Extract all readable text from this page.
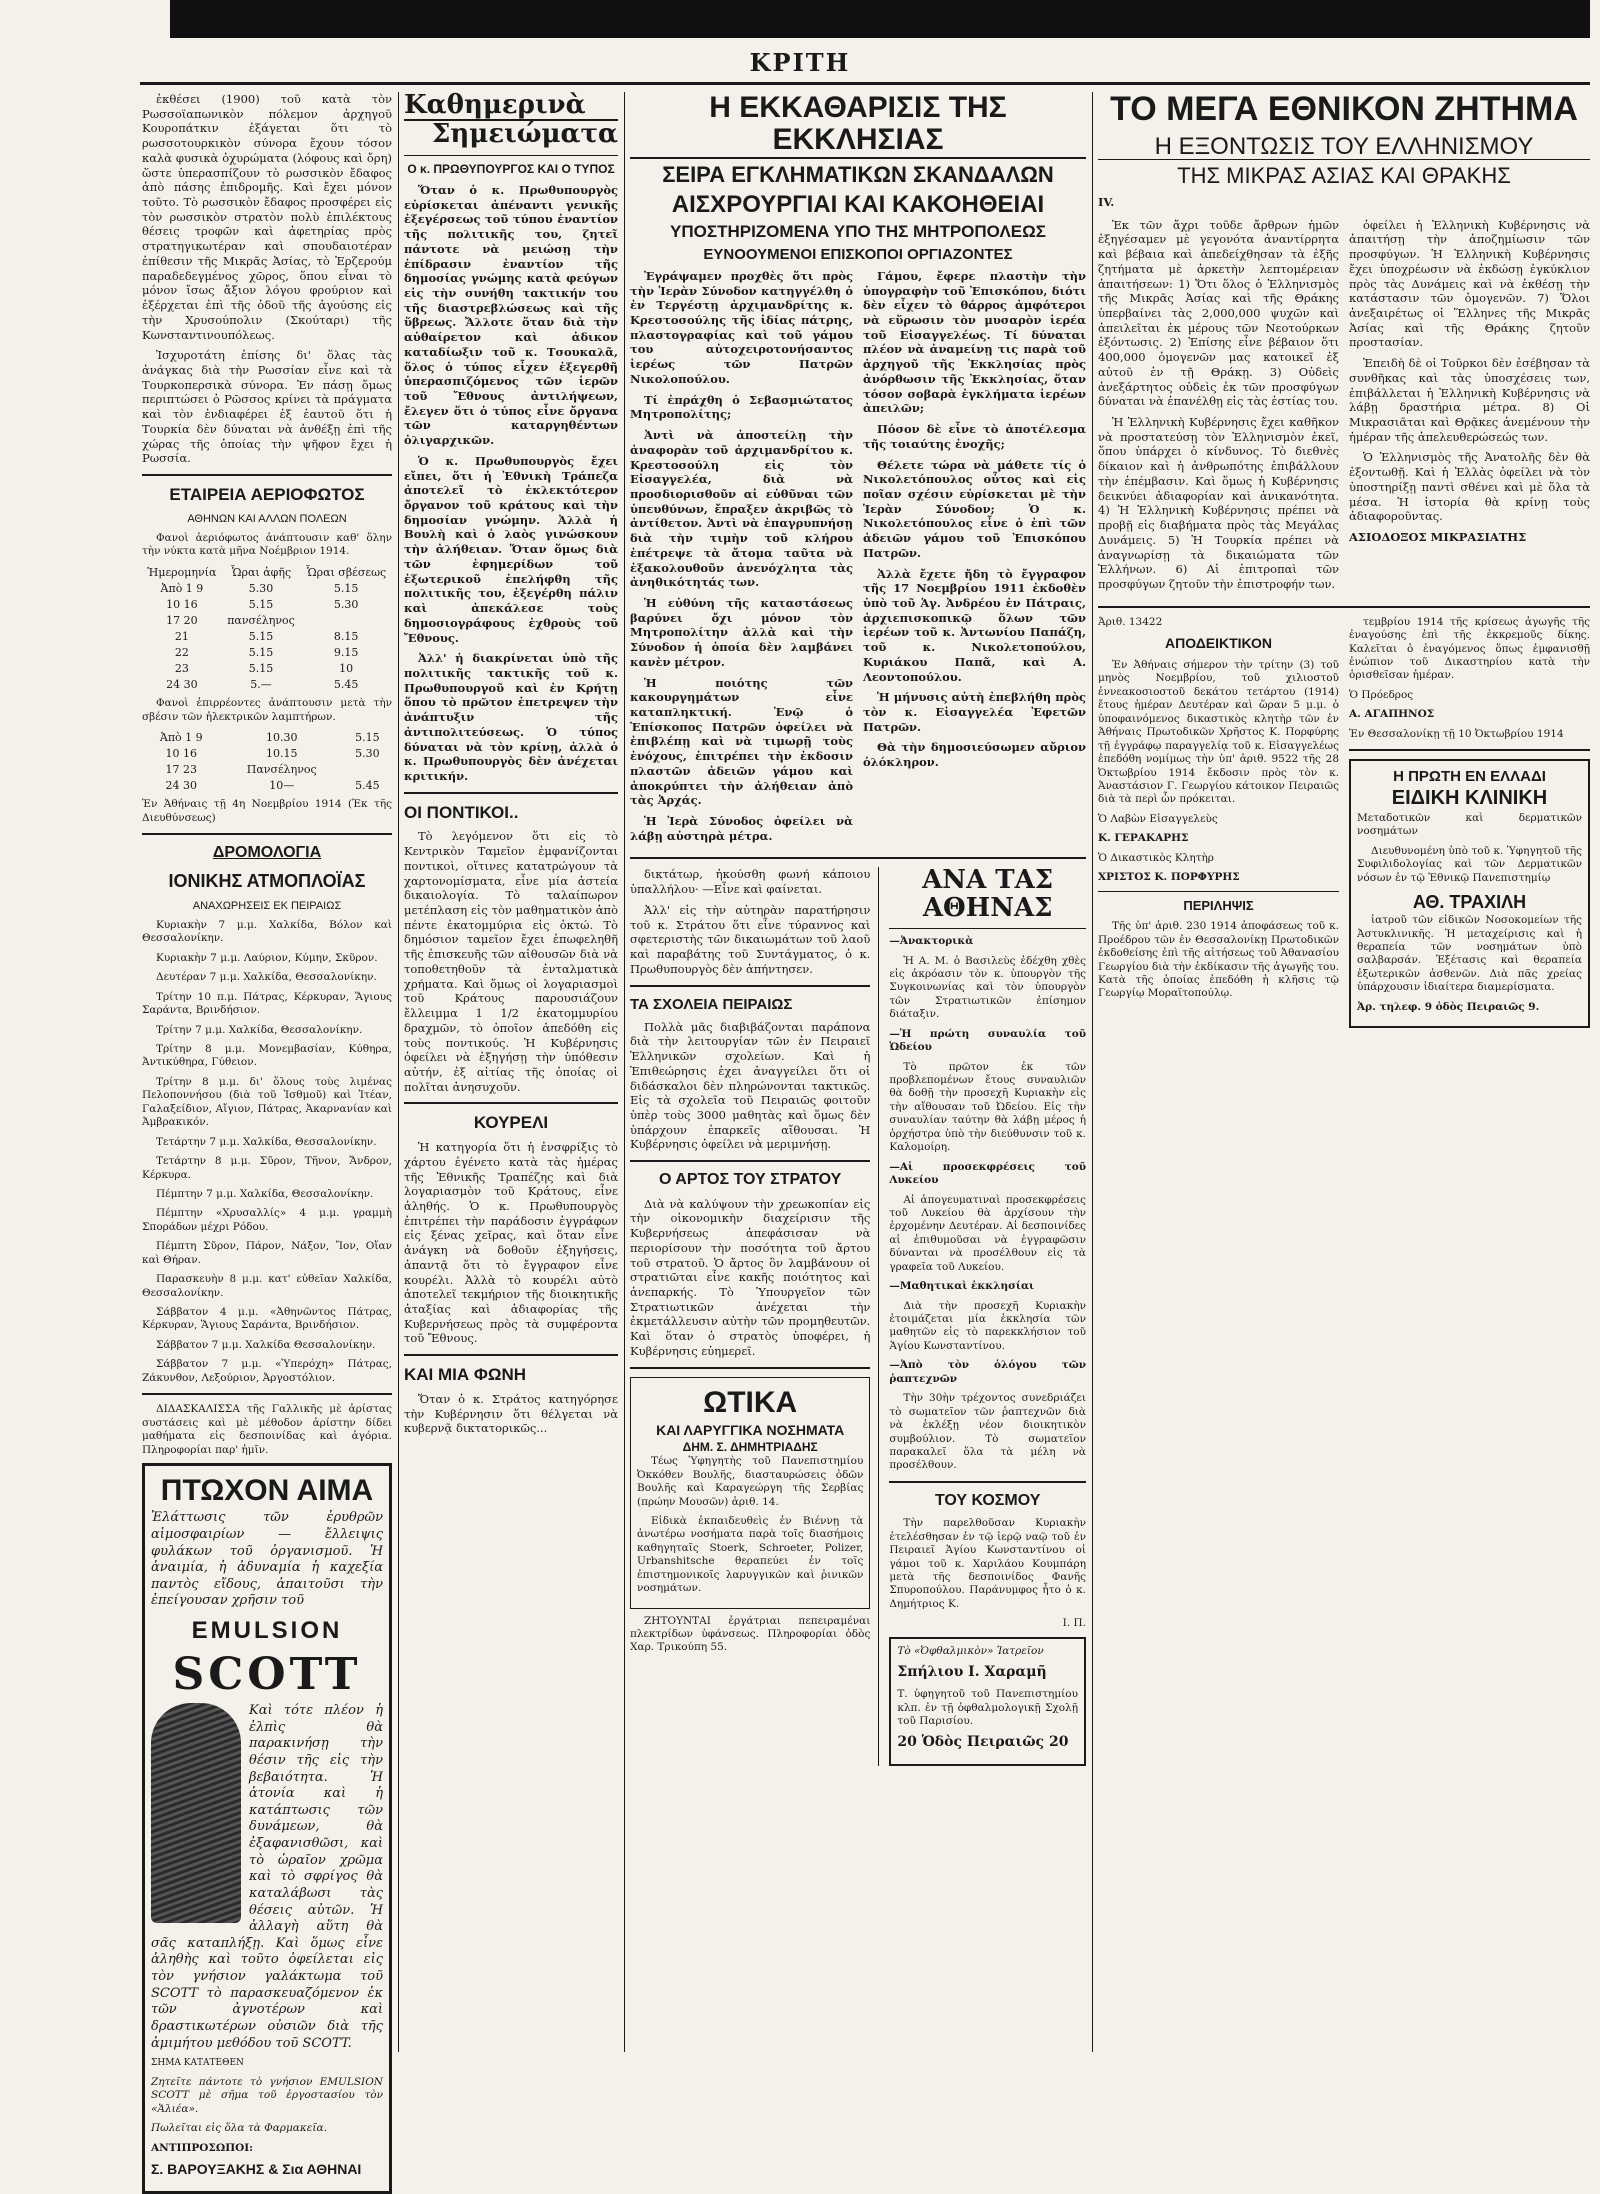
ΚΡΙΤΗ

ἐκθέσει (1900) τοῦ κατὰ τὸν Ρωσσοϊαπωνικὸν πόλεμον ἀρχηγοῦ Κουροπάτκιν ἐξάγεται ὅτι τὸ ρωσσοτουρκικὸν σύνορα ἔχουν τόσον καλὰ φυσικὰ ὀχυρώματα (λόφους καὶ ὄρη) ὥστε ὑπερασπίζουν τὸ ρωσσικὸν ἔδαφος ἀπὸ πάσης ἐπιδρομῆς. Καὶ ἔχει μόνον τοῦτο. Τὸ ρωσσικὸν ἔδαφος προσφέρει εἰς τὸν ρωσσικὸν στρατὸν πολὺ ἐπιλέκτους θέσεις τροφῶν καὶ ἀφετηρίας πρὸς στρατηγικωτέραν καὶ σπουδαιοτέραν ἐπίθεσιν τῆς Μικρᾶς Ἀσίας, τὸ Ἐρζερούμ παραδεδεγμένος χῶρος, ὅπου εἶναι τὸ μόνον ἴσως ἄξιον λόγου φρούριον καὶ ἐξέρχεται ἐπὶ τῆς ὁδοῦ τῆς ἀγούσης εἰς τὴν Χρυσούπολιν (Σκούταρι) τῆς Κωνσταντινουπόλεως.

Ἰσχυροτάτη ἐπίσης δι' ὅλας τὰς ἀνάγκας διὰ τὴν Ρωσσίαν εἶνε καὶ τὰ Τουρκοπερσικὰ σύνορα. Ἐν πάσῃ ὅμως περιπτώσει ὁ Ρῶσσος κρίνει τὰ πράγματα καὶ τὸν ἐνδιαφέρει ἐξ ἑαυτοῦ ὅτι ἡ Τουρκία δὲν δύναται νὰ ἀνθέξῃ ἐπὶ τῆς χώρας τῆς ὁποίας τὴν ψῆφον ἔχει ἡ Ρωσσία.

ΕΤΑΙΡΕΙΑ ΑΕΡΙΟΦΩΤΟΣ
ΑΘΗΝΩΝ ΚΑΙ ΑΛΛΩΝ ΠΟΛΕΩΝ

Φανοὶ ἀεριόφωτος ἀνάπτουσιν καθ' ὅλην τὴν νύκτα κατὰ μῆνα Νοέμβριον 1914.

Ἡμερομηνία	Ὧραι ἀφῆς	Ὧραι σβέσεως
Ἀπὸ 1 9	5.30	5.15
10 16	5.15	5.30
17 20	πανσέληνος	
21	5.15	8.15
22	5.15	9.15
23	5.15	10
24 30	5.—	5.45

Φανοὶ ἐπιρρέοντες ἀνάπτουσιν μετὰ τὴν σβέσιν τῶν ἠλεκτρικῶν λαμπτήρων.

Ἀπὸ 1 9	10.30	5.15
10 16	10.15	5.30
17 23	Πανσέληνος	
24 30	10—	5.45

Ἐν Ἀθήναις τῇ 4η Νοεμβρίου 1914 (Ἐκ τῆς Διευθύνσεως)

ΔΡΟΜΟΛΟΓΙΑ
ΙΟΝΙΚΗΣ ΑΤΜΟΠΛΟΪΑΣ
ΑΝΑΧΩΡΗΣΕΙΣ ΕΚ ΠΕΙΡΑΙΩΣ

Κυριακὴν 7 μ.μ. Χαλκίδα, Βόλον καὶ Θεσσαλονίκην.

Κυριακὴν 7 μ.μ. Λαύριον, Κύμην, Σκῦρον.

Δευτέραν 7 μ.μ. Χαλκίδα, Θεσσαλονίκην.

Τρίτην 10 π.μ. Πάτρας, Κέρκυραν, Ἅγιους Σαράντα, Βρινδήσιον.

Τρίτην 7 μ.μ. Χαλκίδα, Θεσσαλονίκην.

Τρίτην 8 μ.μ. Μονεμβασίαν, Κύθηρα, Ἀντικύθηρα, Γύθειον.

Τρίτην 8 μ.μ. δι' ὅλους τοὺς λιμένας Πελοποννήσου (διὰ τοῦ Ἰσθμοῦ) καὶ Ἰτέαν, Γαλαξείδιον, Αἴγιον, Πάτρας, Ἀκαρνανίαν καὶ Ἀμβρακικόν.

Τετάρτην 7 μ.μ. Χαλκίδα, Θεσσαλονίκην.

Τετάρτην 8 μ.μ. Σῦρον, Τῆνον, Ἄνδρον, Κέρκυρα.

Πέμπτην 7 μ.μ. Χαλκίδα, Θεσσαλονίκην.

Πέμπτην «Χρυσαλλίς» 4 μ.μ. γραμμὴ Σποράδων μέχρι Ρόδου.

Πέμπτη Σῦρον, Πάρον, Νάξον, Ἴον, Οἴαν καὶ Θήραν.

Παρασκευὴν 8 μ.μ. κατ' εὐθεῖαν Χαλκίδα, Θεσσαλονίκην.

Σάββατον 4 μ.μ. «Ἀθηνῶντος Πάτρας, Κέρκυραν, Ἅγιους Σαράντα, Βρινδήσιον.

Σάββατον 7 μ.μ. Χαλκίδα Θεσσαλονίκην.

Σάββατον 7 μ.μ. «Ὑπερόχη» Πάτρας, Ζάκυνθον, Λεξούριον, Ἀργοστόλιον.

ΔΙΔΑΣΚΑΛΙΣΣΑ τῆς Γαλλικῆς μὲ ἀρίστας συστάσεις καὶ μὲ μέθοδον ἀρίστην δίδει μαθήματα εἰς δεσποινίδας καὶ ἀγόρια. Πληροφορίαι παρ' ἡμῖν.

ΠΤΩΧΟΝ ΑΙΜΑ

Ἐλάττωσις τῶν ἐρυθρῶν αἱμοσφαιρίων — ἔλλειψις φυλάκων τοῦ ὀργανισμοῦ. Ἡ ἀναιμία, ἡ ἀδυναμία ἡ καχεξία παντὸς εἴδους, ἀπαιτοῦσι τὴν ἐπείγουσαν χρῆσιν τοῦ

EMULSION
SCOTT

Καὶ τότε πλέον ἡ ἐλπὶς θὰ παρακινήσῃ τὴν θέσιν τῆς εἰς τὴν βεβαιότητα. Ἡ ἀτονία καὶ ἡ κατάπτωσις τῶν δυνάμεων, θὰ ἐξαφανισθῶσι, καὶ τὸ ὡραῖον χρῶμα καὶ τὸ σφρίγος θὰ καταλάβωσι τὰς θέσεις αὐτῶν. Ἡ ἀλλαγὴ αὕτη θὰ σᾶς καταπλήξῃ. Καὶ ὅμως εἶνε ἀληθὴς καὶ τοῦτο ὀφείλεται εἰς τὸν γνήσιον γαλάκτωμα τοῦ SCOTT τὸ παρασκευαζόμενον ἐκ τῶν ἀγνοτέρων καὶ δραστικωτέρων οὐσιῶν διὰ τῆς ἀμιμήτου μεθόδου τοῦ SCOTT.

ΣΗΜΑ ΚΑΤΑΤΕΘΕΝ

Ζητεῖτε πάντοτε τὸ γνήσιον EMULSION SCOTT μὲ σῆμα τοῦ ἐργοστασίου τὸν «Ἁλιέα».

Πωλεῖται εἰς ὅλα τὰ Φαρμακεῖα.

ΑΝΤΙΠΡΟΣΩΠΟΙ:

Σ. ΒΑΡΟΥΞΑΚΗΣ & Σια ΑΘΗΝΑΙ

Καθημερινὰ
Σημειώματα
Ο κ. ΠΡΩΘΥΠΟΥΡΓΟΣ ΚΑΙ Ο ΤΥΠΟΣ

Ὅταν ὁ κ. Πρωθυπουργὸς εὑρίσκεται ἀπέναντι γενικῆς ἐξεγέρσεως τοῦ τύπου ἐναντίον τῆς πολιτικῆς του, ζητεῖ πάντοτε νὰ μειώσῃ τὴν ἐπίδρασιν ἐναντίον τῆς δημοσίας γνώμης κατὰ φεύγων εἰς τὴν συνήθη τακτικήν του τῆς διαστρεβλώσεως καὶ τῆς ὕβρεως. Ἄλλοτε ὅταν διὰ τὴν αὐθαίρετον καὶ ἀδικον καταδίωξιν τοῦ κ. Τσουκαλᾶ, ὅλος ὁ τύπος εἶχεν ἐξεγερθῆ ὑπερασπιζόμενος τῶν ἱερῶν τοῦ Ἔθνους ἀντιλήψεων, ἔλεγεν ὅτι ὁ τύπος εἶνε ὄργανα τῶν καταργηθέντων ὀλιγαρχικῶν.

Ὁ κ. Πρωθυπουργὸς ἔχει εἴπει, ὅτι ἡ Ἐθνικὴ Τράπεζα ἀποτελεῖ τὸ ἐκλεκτότερον ὄργανον τοῦ κράτους καὶ τὴν δημοσίαν γνώμην. Ἀλλὰ ἡ Βουλὴ καὶ ὁ λαὸς γινώσκουν τὴν ἀλήθειαν. Ὅταν ὅμως διὰ τῶν ἐφημερίδων τοῦ ἐξωτερικοῦ ἐπελήφθη τῆς πολιτικῆς του, ἐξεγέρθη πάλιν καὶ ἀπεκάλεσε τοὺς δημοσιογράφους ἐχθροὺς τοῦ Ἔθνους.

Ἀλλ' ἡ διακρίνεται ὑπὸ τῆς πολιτικῆς τακτικῆς τοῦ κ. Πρωθυπουργοῦ καὶ ἐν Κρήτῃ ὅπου τὸ πρῶτον ἐπετρεψεν τὴν ἀνάπτυξιν τῆς ἀντιπολιτεύσεως. Ὁ τύπος δύναται νὰ τὸν κρίνῃ, ἀλλὰ ὁ κ. Πρωθυπουργὸς δὲν ἀνέχεται κριτικήν.

ΟΙ ΠΟΝΤΙΚΟΙ..

Τὸ λεγόμενον ὅτι εἰς τὸ Κεντρικὸν Ταμεῖον ἐμφανίζονται ποντικοὶ, οἵτινες κατατρώγουν τὰ χαρτονομίσματα, εἶνε μία ἀστεία δικαιολογία. Τὸ ταλαίπωρον μετέπλαση εἰς τὸν μαθηματικὸν ἀπὸ πέντε ἑκατομμύρια εἰς ὀκτώ. Τὸ δημόσιον ταμεῖον ἔχει ἐπωφεληθῆ τῆς ἐπισκευῆς τῶν αἰθουσῶν διὰ νὰ τοποθετηθοῦν τὰ ἐνταλματικὰ χρήματα. Καὶ ὅμως οἱ λογαριασμοὶ τοῦ Κράτους παρουσιάζουν ἔλλειμμα 1 1/2 ἑκατομμυρίου δραχμῶν, τὸ ὁποῖον ἀπεδόθη εἰς τοὺς ποντικούς. Ἡ Κυβέρνησις ὀφείλει νὰ ἐξηγήσῃ τὴν ὑπόθεσιν αὐτήν, ἐξ αἰτίας τῆς ὁποίας οἱ πολῖται ἀνησυχοῦν.

ΚΟΥΡΕΛΙ

Ἡ κατηγορία ὅτι ἡ ἐνσφρίξις τὸ χάρτου ἐγένετο κατὰ τὰς ἡμέρας τῆς Ἐθνικῆς Τραπέζης καὶ διὰ λογαριασμὸν τοῦ Κράτους, εἶνε ἀληθής. Ὁ κ. Πρωθυπουργὸς ἐπιτρέπει τὴν παράδοσιν ἐγγράφων εἰς ξένας χεῖρας, καὶ ὅταν εἶνε ἀνάγκη νὰ δοθοῦν ἐξηγήσεις, ἀπαντᾷ ὅτι τὸ ἔγγραφον εἶνε κουρέλι. Ἀλλὰ τὸ κουρέλι αὐτὸ ἀποτελεῖ τεκμήριον τῆς διοικητικῆς ἀταξίας καὶ ἀδιαφορίας τῆς Κυβερνήσεως πρὸς τὰ συμφέροντα τοῦ Ἔθνους.

ΚΑΙ ΜΙΑ ΦΩΝΗ

Ὅταν ὁ κ. Στράτος κατηγόρησε τὴν Κυβέρνησιν ὅτι θέλγεται νὰ κυβερνᾷ δικτατορικῶς...

Η ΕΚΚΑΘΑΡΙΣΙΣ ΤΗΣ ΕΚΚΛΗΣΙΑΣ
ΣΕΙΡΑ ΕΓΚΛΗΜΑΤΙΚΩΝ ΣΚΑΝΔΑΛΩΝ
ΑΙΣΧΡΟΥΡΓΙΑΙ ΚΑΙ ΚΑΚΟΗΘΕΙΑΙ
ΥΠΟΣΤΗΡΙΖΟΜΕΝΑ ΥΠΟ ΤΗΣ ΜΗΤΡΟΠΟΛΕΩΣ
ΕΥΝΟΟΥΜΕΝΟΙ ΕΠΙΣΚΟΠΟΙ ΟΡΓΙΑΖΟΝΤΕΣ

Ἐγράψαμεν προχθὲς ὅτι πρὸς τὴν Ἱερὰν Σύνοδον κατηγγέλθη ὁ ἐν Τεργέστῃ ἀρχιμανδρίτης κ. Κρεστοσούλης τῆς ἰδίας πάτρης, πλαστογραφίας καὶ τοῦ γάμου του αὐτοχειροτονήσαντος ἱερέως τῶν Πατρῶν Νικολοπούλου.

Τί ἐπράχθη ὁ Σεβασμιώτατος Μητροπολίτης;

Ἀντὶ νὰ ἀποστείλῃ τὴν ἀναφορὰν τοῦ ἀρχιμανδρίτου κ. Κρεστοσούλη εἰς τὸν Εἰσαγγελέα, διὰ νὰ προσδιορισθοῦν αἱ εὐθῦναι τῶν ὑπευθύνων, ἔπραξεν ἀκριβῶς τὸ ἀντίθετον. Ἀντὶ νὰ ἐπαγρυπνήσῃ διὰ τὴν τιμὴν τοῦ κλήρου ἐπέτρεψε τὰ ἄτομα ταῦτα νὰ ἐξακολουθοῦν ἀνενόχλητα τὰς ἀνηθικότητάς των.

Ἡ εὐθύνη τῆς καταστάσεως βαρύνει ὄχι μόνον τὸν Μητροπολίτην ἀλλὰ καὶ τὴν Σύνοδον ἡ ὁποία δὲν λαμβάνει κανὲν μέτρον.

Ἡ ποιότης τῶν κακουργημάτων εἶνε καταπληκτική. Ἐνῷ ὁ Ἐπίσκοπος Πατρῶν ὀφείλει νὰ ἐπιβλέπῃ καὶ νὰ τιμωρῇ τοὺς ἐνόχους, ἐπιτρέπει τὴν ἐκδοσιν πλαστῶν ἀδειῶν γάμου καὶ ἀποκρύπτει τὴν ἀλήθειαν ἀπὸ τὰς Ἀρχάς.

Ἡ Ἱερὰ Σύνοδος ὀφείλει νὰ λάβῃ αὐστηρὰ μέτρα.

Γάμου, ἔφερε πλαστὴν τὴν ὑπογραφὴν τοῦ Ἐπισκόπου, διότι δὲν εἶχεν τὸ θάρρος ἀμφότεροι νὰ εὕρωσιν τὸν μυσαρὸν ἱερέα τοῦ Εἰσαγγελέως. Τί δύναται πλέον νὰ ἀναμείνῃ τις παρὰ τοῦ ἀρχηγοῦ τῆς Ἐκκλησίας πρὸς ἀνόρθωσιν τῆς Ἐκκλησίας, ὅταν τόσον σοβαρὰ ἐγκλήματα ἱερέων ἀπειλῶν;

Πόσον δὲ εἶνε τὸ ἀποτέλεσμα τῆς τοιαύτης ἐνοχῆς;

Θέλετε τώρα νὰ μάθετε τίς ὁ Νικολετόπουλος οὗτος καὶ εἰς ποῖαν σχέσιν εὑρίσκεται μὲ τὴν Ἱερὰν Σύνοδον; Ὁ κ. Νικολετόπουλος εἶνε ὁ ἐπὶ τῶν ἀδειῶν γάμου τοῦ Ἐπισκόπου Πατρῶν.

Ἀλλὰ ἔχετε ἤδη τὸ ἔγγραφον τῆς 17 Νοεμβρίου 1911 ἐκδοθὲν ὑπὸ τοῦ Ἁγ. Ἀνδρέου ἐν Πάτραις, ἀρχιεπισκοπικῷ ὅλων τῶν ἱερέων τοῦ κ. Ἀντωνίου Παπάζη, τοῦ κ. Νικολετοπούλου, Κυριάκου Παπᾶ, καὶ Α. Λεοντοπούλου.

Ἡ μήνυσις αὐτὴ ἐπεβλήθη πρὸς τὸν κ. Εἰσαγγελέα Ἐφετῶν Πατρῶν.

Θὰ τὴν δημοσιεύσωμεν αὔριον ὁλόκληρον.

δικτάτωρ, ἠκούσθη φωνή κάποιου ὑπαλλήλου· —Εἶνε καὶ φαίνεται.

Ἀλλ' εἰς τὴν αὐτηρὰν παρατήρησιν τοῦ κ. Στράτου ὅτι εἶνε τύραννος καὶ σφετεριστὴς τῶν δικαιωμάτων τοῦ λαοῦ καὶ παραβάτης τοῦ Συντάγματος, ὁ κ. Πρωθυπουργὸς δὲν ἀπήντησεν.

ΤΑ ΣΧΟΛΕΙΑ ΠΕΙΡΑΙΩΣ

Πολλὰ μᾶς διαβιβάζονται παράπονα διὰ τὴν λειτουργίαν τῶν ἐν Πειραιεῖ Ἑλληνικῶν σχολείων. Καὶ ἡ Ἐπιθεώρησις ἐχει ἀναγγείλει ὅτι οἱ διδάσκαλοι δὲν πληρώνονται τακτικῶς. Εἰς τὰ σχολεῖα τοῦ Πειραιῶς φοιτοῦν ὑπὲρ τοὺς 3000 μαθητὰς καὶ ὅμως δὲν ὑπάρχουν ἐπαρκεῖς αἴθουσαι. Ἡ Κυβέρνησις ὀφείλει νὰ μεριμνήσῃ.

Ο ΑΡΤΟΣ ΤΟΥ ΣΤΡΑΤΟΥ

Διὰ νὰ καλύψουν τὴν χρεωκοπίαν εἰς τὴν οἰκονομικὴν διαχείρισιν τῆς Κυβερνήσεως ἀπεφάσισαν νὰ περιορίσουν τὴν ποσότητα τοῦ ἄρτου τοῦ στρατοῦ. Ὁ ἄρτος ὃν λαμβάνουν οἱ στρατιῶται εἶνε κακῆς ποιότητος καὶ ἀνεπαρκής. Τὸ Ὑπουργεῖον τῶν Στρατιωτικῶν ἀνέχεται τὴν ἐκμετάλλευσιν αὐτὴν τῶν προμηθευτῶν. Καὶ ὅταν ὁ στρατὸς ὑποφέρει, ἡ Κυβέρνησις εὐημερεῖ.

ΩΤΙΚΑ
ΚΑΙ ΛΑΡΥΓΓΙΚΑ ΝΟΣΗΜΑΤΑ
ΔΗΜ. Σ. ΔΗΜΗΤΡΙΑΔΗΣ

Τέως Ὑφηγητὴς τοῦ Πανεπιστημίου Ὀκκόθεν Βουλῆς, διασταυρώσεις ὁδῶν Βουλῆς καὶ Καραγεώργη τῆς Σερβίας (πρώην Μουσῶν) ἀριθ. 14.

Εἰδικὰ ἐκπαιδευθεὶς ἐν Βιέννῃ τὰ ἀνωτέρω νοσήματα παρὰ τοῖς διασήμοις καθηγηταῖς Stoerk, Schroeter, Polizer, Urbanshitsche θεραπεύει ἐν τοῖς ἐπιστημονικοῖς λαρυγγικῶν καὶ ῥινικῶν νοσημάτων.

ΖΗΤΟΥΝΤΑΙ ἐργάτριαι πεπειραμέναι πλεκτρίδων ὑφάνσεως. Πληροφορίαι ὁδὸς Χαρ. Τρικούπη 55.

ΑΝΑ ΤΑΣ ΑΘΗΝΑΣ

—Ἀνακτορικὰ

Ἡ Α. Μ. ὁ Βασιλεὺς ἐδέχθη χθὲς εἰς ἀκρόασιν τὸν κ. ὑπουργὸν τῆς Συγκοινωνίας καὶ τὸν ὑπουργὸν τῶν Στρατιωτικῶν ἐπίσημον διάταξιν.

—Ἡ πρώτη συναυλία τοῦ Ὠδείου

Τὸ πρῶτον ἐκ τῶν προβλεπομένων ἔτους συναυλιῶν θὰ δοθῇ τὴν προσεχῆ Κυριακὴν εἰς τὴν αἴθουσαν τοῦ Ὠδείου. Εἰς τὴν συναυλίαν ταύτην θὰ λάβῃ μέρος ἡ ὀρχήστρα ὑπὸ τὴν διεύθυνσιν τοῦ κ. Καλομοίρη.

—Αἱ προσεκφρέσεις τοῦ Λυκείου

Αἱ ἀπογευματιναὶ προσεκφρέσεις τοῦ Λυκείου θὰ ἀρχίσουν τὴν ἐρχομένην Δευτέραν. Αἱ δεσποινίδες αἱ ἐπιθυμοῦσαι νὰ ἐγγραφῶσιν δύνανται νὰ προσέλθουν εἰς τὰ γραφεῖα τοῦ Λυκείου.

—Μαθητικαὶ ἐκκλησίαι

Διὰ τὴν προσεχῆ Κυριακὴν ἐτοιμάζεται μία ἐκκλησία τῶν μαθητῶν εἰς τὸ παρεκκλήσιον τοῦ Ἁγίου Κωνσταντίνου.

—Ἀπὸ τὸν ὁλόγου τῶν ῥαπτεχνῶν

Τὴν 30ὴν τρέχοντος συνεδριάζει τὸ σωματεῖον τῶν ῥαπτεχνῶν διὰ νὰ ἐκλέξῃ νέον διοικητικὸν συμβούλιον. Τὸ σωματεῖον παρακαλεῖ ὅλα τὰ μέλη νὰ προσέλθουν.

ΤΟΥ ΚΟΣΜΟΥ

Τὴν παρελθοῦσαν Κυριακὴν ἐτελέσθησαν ἐν τῷ ἱερῷ ναῷ τοῦ ἐν Πειραιεῖ Ἁγίου Κωνσταντίνου οἱ γάμοι τοῦ κ. Χαριλάου Κουμπάρη μετὰ τῆς δεσποινίδος Φανῆς Σπυροπούλου. Παράνυμφος ἦτο ὁ κ. Δημήτριος Κ.

Ι. Π.

Τὸ «Ὀφθαλμικὸν» Ἰατρεῖον

Σπήλιου Ι. Χαραμῆ

Τ. ὑφηγητοῦ τοῦ Πανεπιστημίου κλπ. ἐν τῇ ὀφθαλμολογικῇ Σχολῇ τοῦ Παρισίου.

20 Ὁδὸς Πειραιῶς 20

ΤΟ ΜΕΓΑ ΕΘΝΙΚΟΝ ΖΗΤΗΜΑ
Η ΕΞΟΝΤΩΣΙΣ ΤΟΥ ΕΛΛΗΝΙΣΜΟΥ
ΤΗΣ ΜΙΚΡΑΣ ΑΣΙΑΣ ΚΑΙ ΘΡΑΚΗΣ

IV.

Ἐκ τῶν ἄχρι τοῦδε ἄρθρων ἡμῶν ἐξηγέσαμεν μὲ γεγονότα ἀναντίρρητα καὶ βέβαια καὶ ἀπεδείχθησαν τὰ ἑξῆς ζητήματα μὲ ἀρκετὴν λεπτομέρειαν ἀπαιτήσεων: 1) Ὅτι ὅλος ὁ Ἑλληνισμὸς τῆς Μικρᾶς Ἀσίας καὶ τῆς Θράκης ὑπερβαίνει τὰς 2,000,000 ψυχῶν καὶ ἀπειλεῖται ἐκ μέρους τῶν Νεοτούρκων ἐξόντωσις. 2) Ἐπίσης εἶνε βέβαιον ὅτι 400,000 ὁμογενῶν μας κατοικεῖ ἐξ αὐτοῦ ἐν τῇ Θράκῃ. 3) Οὐδεὶς ἀνεξάρτητος οὐδεὶς ἐκ τῶν προσφύγων δύναται νὰ ἐπανέλθῃ εἰς τὰς ἑστίας του.

Ἡ Ἑλληνικὴ Κυβέρνησις ἔχει καθῆκον νὰ προστατεύσῃ τὸν Ἑλληνισμὸν ἐκεῖ, ὅπου ὑπάρχει ὁ κίνδυνος. Τὸ διεθνὲς δίκαιον καὶ ἡ ἀνθρωπότης ἐπιβάλλουν τὴν ἐπέμβασιν. Καὶ ὅμως ἡ Κυβέρνησις δεικνύει ἀδιαφορίαν καὶ ἀνικανότητα. 4) Ἡ Ἑλληνικὴ Κυβέρνησις πρέπει νὰ προβῇ εἰς διαβήματα πρὸς τὰς Μεγάλας Δυνάμεις. 5) Ἡ Τουρκία πρέπει νὰ ἀναγνωρίσῃ τὰ δικαιώματα τῶν Ἑλλήνων. 6) Αἱ ἐπιτροπαὶ τῶν προσφύγων ζητοῦν τὴν ἐπιστροφήν των.

ὀφείλει ἡ Ἑλληνικὴ Κυβέρνησις νὰ ἀπαιτήσῃ τὴν ἀποζημίωσιν τῶν προσφύγων. Ἡ Ἑλληνικὴ Κυβέρνησις ἔχει ὑποχρέωσιν νὰ ἐκδώσῃ ἐγκύκλιον πρὸς τὰς Δυνάμεις καὶ νὰ ἐκθέσῃ τὴν κατάστασιν τῶν ὁμογενῶν. 7) Ὅλοι ἀνεξαιρέτως οἱ Ἕλληνες τῆς Μικρᾶς Ἀσίας καὶ τῆς Θράκης ζητοῦν προστασίαν.

Ἐπειδὴ δὲ οἱ Τοῦρκοι δὲν ἐσέβησαν τὰ συνθῆκας καὶ τὰς ὑποσχέσεις των, ἐπιβάλλεται ἡ Ἑλληνικὴ Κυβέρνησις νὰ λάβῃ δραστήρια μέτρα. 8) Οἱ Μικρασιᾶται καὶ Θρᾷκες ἀνεμένουν τὴν ἡμέραν τῆς ἀπελευθερώσεώς των.

Ὁ Ἑλληνισμὸς τῆς Ἀνατολῆς δὲν θὰ ἐξοντωθῇ. Καὶ ἡ Ἑλλὰς ὀφείλει νὰ τὸν ὑποστηρίξῃ παντὶ σθένει καὶ μὲ ὅλα τὰ μέσα. Ἡ ἱστορία θὰ κρίνῃ τοὺς ἀδιαφοροῦντας.

ΑΣΙΟΔΟΞΟΣ ΜΙΚΡΑΣΙΑΤΗΣ

Ἀριθ. 13422

ΑΠΟΔΕΙΚΤΙΚΟΝ

Ἐν Ἀθήναις σήμερον τὴν τρίτην (3) τοῦ μηνὸς Νοεμβρίου, τοῦ χιλιοστοῦ ἐννεακοσιοστοῦ δεκάτου τετάρτου (1914) ἔτους ἡμέραν Δευτέραν καὶ ὥραν 5 μ.μ. ὁ ὑποφαινόμενος δικαστικὸς κλητὴρ τῶν ἐν Ἀθήναις Πρωτοδικῶν Χρῆστος Κ. Πορφύρης τῇ ἐγγράφῳ παραγγελίᾳ τοῦ κ. Εἰσαγγελέως ἐπεδόθη νομίμως τὴν ὑπ' ἀριθ. 9522 τῆς 28 Ὀκτωβρίου 1914 ἔκδοσιν πρὸς τὸν κ. Ἀναστάσιον Γ. Γεωργίου κάτοικον Πειραιῶς διὰ τὰ περὶ ὧν πρόκειται.

Ὁ Λαβὼν Εἰσαγγελεὺς

Κ. ΓΕΡΑΚΑΡΗΣ

Ὁ Δικαστικὸς Κλητὴρ

ΧΡΙΣΤΟΣ Κ. ΠΟΡΦΥΡΗΣ

ΠΕΡΙΛΗΨΙΣ

Τῆς ὑπ' ἀριθ. 230 1914 ἀποφάσεως τοῦ κ. Προέδρου τῶν ἐν Θεσσαλονίκῃ Πρωτοδικῶν ἐκδοθείσης ἐπὶ τῆς αἰτήσεως τοῦ Ἀθανασίου Γεωργίου διὰ τὴν ἐκδίκασιν τῆς ἀγωγῆς του. Κατὰ τῆς ὁποίας ἐπεδόθη ἡ κλῆσις τῷ Γεωργίῳ Μοραϊτοπούλῳ.

τεμβρίου 1914 τῆς κρίσεως ἀγωγῆς τῆς ἐναγούσης ἐπὶ τῆς ἐκκρεμοῦς δίκης. Καλεῖται ὁ ἐναγόμενος ὅπως ἐμφανισθῇ ἐνώπιον τοῦ Δικαστηρίου κατὰ τὴν ὁρισθεῖσαν ἡμέραν.

Ὁ Πρόεδρος

Α. ΑΓΑΠΗΝΟΣ

Ἐν Θεσσαλονίκῃ τῇ 10 Ὀκτωβρίου 1914

Η ΠΡΩΤΗ ΕΝ ΕΛΛΑΔΙ
ΕΙΔΙΚΗ ΚΛΙΝΙΚΗ

Μεταδοτικῶν καὶ δερματικῶν νοσημάτων

Διευθυνομένη ὑπὸ τοῦ κ. Ὑφηγητοῦ τῆς Συφιλιδολογίας καὶ τῶν Δερματικῶν νόσων ἐν τῷ Ἐθνικῷ Πανεπιστημίῳ

ΑΘ. ΤΡΑΧΙΛΗ

ἰατροῦ τῶν εἰδικῶν Νοσοκομείων τῆς Ἀστυκλινικῆς. Ἡ μεταχείρισις καὶ ἡ θεραπεία τῶν νοσημάτων ὑπὸ σαλβαρσάν. Ἐξέτασις καὶ θεραπεία ἐξωτερικῶν ἀσθενῶν. Διὰ πᾶς χρείας ὑπάρχουσιν ἰδιαίτερα διαμερίσματα.

Ἀρ. τηλεφ. 9 ὁδὸς Πειραιῶς 9.
